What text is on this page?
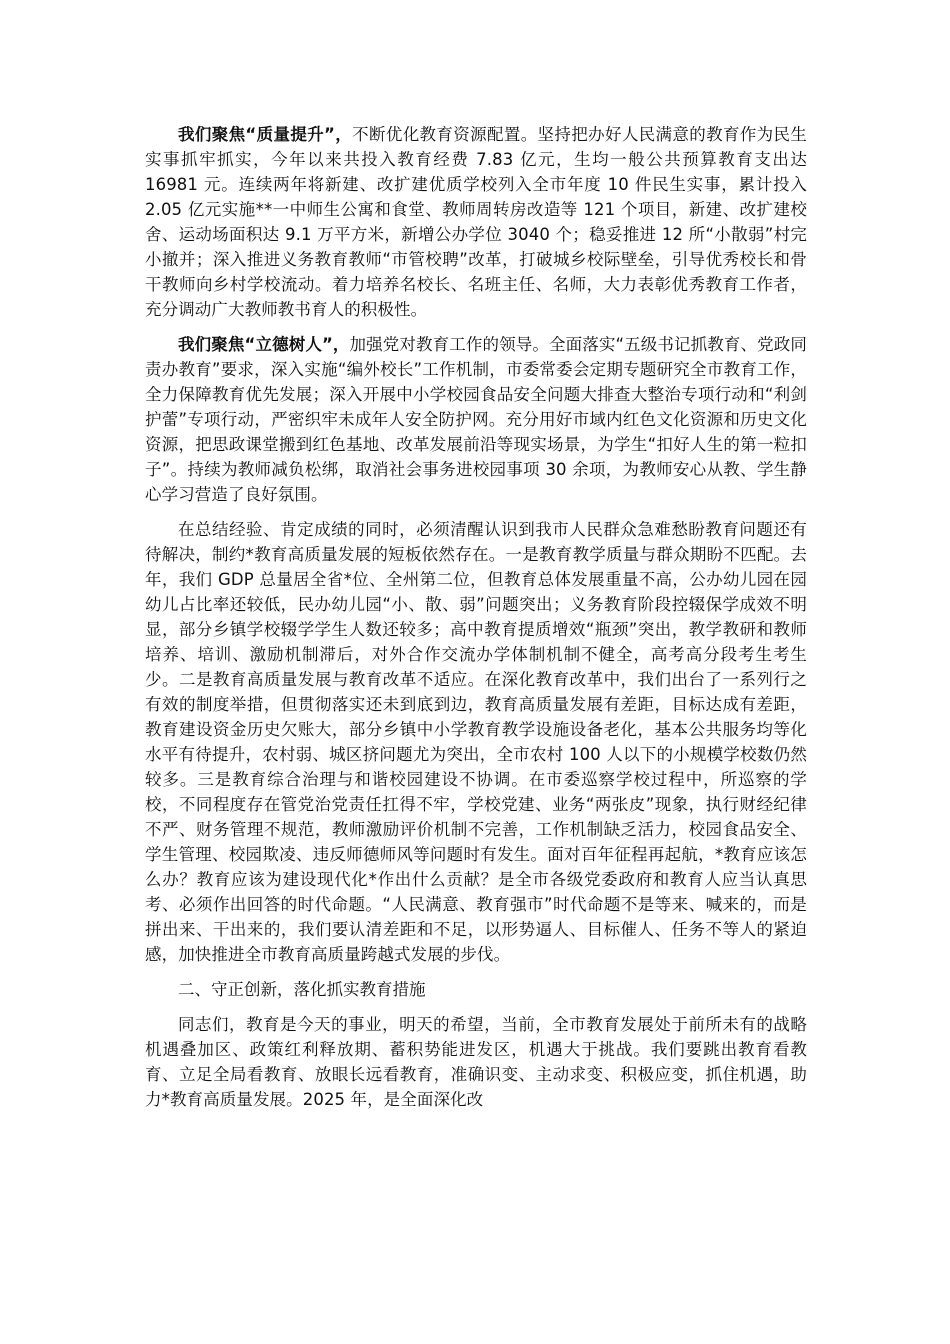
我们聚焦“质量提升”，不断优化教育资源配置。坚持把办好人民满意的教育作为民生实事抓牢抓实，今年以来共投入教育经费 7.83 亿元，生均一般公共预算教育支出达 16981 元。连续两年将新建、改扩建优质学校列入全市年度 10 件民生实事，累计投入 2.05 亿元实施**一中师生公寓和食堂、教师周转房改造等 121 个项目，新建、改扩建校舍、运动场面积达 9.1 万平方米，新增公办学位 3040 个；稳妥推进 12 所“小散弱”村完小撤并；深入推进义务教育教师“市管校聘”改革，打破城乡校际壁垒，引导优秀校长和骨干教师向乡村学校流动。着力培养名校长、名班主任、名师，大力表彰优秀教育工作者，充分调动广大教师教书育人的积极性。

我们聚焦“立德树人”，加强党对教育工作的领导。全面落实“五级书记抓教育、党政同责办教育”要求，深入实施“编外校长”工作机制，市委常委会定期专题研究全市教育工作，全力保障教育优先发展；深入开展中小学校园食品安全问题大排查大整治专项行动和“利剑护蕾”专项行动，严密织牢未成年人安全防护网。充分用好市域内红色文化资源和历史文化资源，把思政课堂搬到红色基地、改革发展前沿等现实场景，为学生“扣好人生的第一粒扣子”。持续为教师减负松绑，取消社会事务进校园事项 30 余项，为教师安心从教、学生静心学习营造了良好氛围。

在总结经验、肯定成绩的同时，必须清醒认识到我市人民群众急难愁盼教育问题还有待解决，制约*教育高质量发展的短板依然存在。一是教育教学质量与群众期盼不匹配。去年，我们 GDP 总量居全省*位、全州第二位，但教育总体发展重量不高，公办幼儿园在园幼儿占比率还较低，民办幼儿园“小、散、弱”问题突出；义务教育阶段控辍保学成效不明显，部分乡镇学校辍学学生人数还较多；高中教育提质增效“瓶颈”突出，教学教研和教师培养、培训、激励机制滞后，对外合作交流办学体制机制不健全，高考高分段考生考生少。二是教育高质量发展与教育改革不适应。在深化教育改革中，我们出台了一系列行之有效的制度举措，但贯彻落实还未到底到边，教育高质量发展有差距，目标达成有差距，教育建设资金历史欠账大，部分乡镇中小学教育教学设施设备老化，基本公共服务均等化水平有待提升，农村弱、城区挤问题尤为突出，全市农村 100 人以下的小规模学校数仍然较多。三是教育综合治理与和谐校园建设不协调。在市委巡察学校过程中，所巡察的学校，不同程度存在管党治党责任扛得不牢，学校党建、业务“两张皮”现象，执行财经纪律不严、财务管理不规范，教师激励评价机制不完善，工作机制缺乏活力，校园食品安全、学生管理、校园欺凌、违反师德师风等问题时有发生。面对百年征程再起航，*教育应该怎么办？教育应该为建设现代化*作出什么贡献？是全市各级党委政府和教育人应当认真思考、必须作出回答的时代命题。“人民满意、教育强市”时代命题不是等来、喊来的，而是拼出来、干出来的，我们要认清差距和不足，以形势逼人、目标催人、任务不等人的紧迫感，加快推进全市教育高质量跨越式发展的步伐。

二、守正创新，落化抓实教育措施

同志们，教育是今天的事业，明天的希望，当前，全市教育发展处于前所未有的战略机遇叠加区、政策红利释放期、蓄积势能进发区，机遇大于挑战。我们要跳出教育看教育、立足全局看教育、放眼长远看教育，准确识变、主动求变、积极应变，抓住机遇，助力*教育高质量发展。2025 年，是全面深化改
